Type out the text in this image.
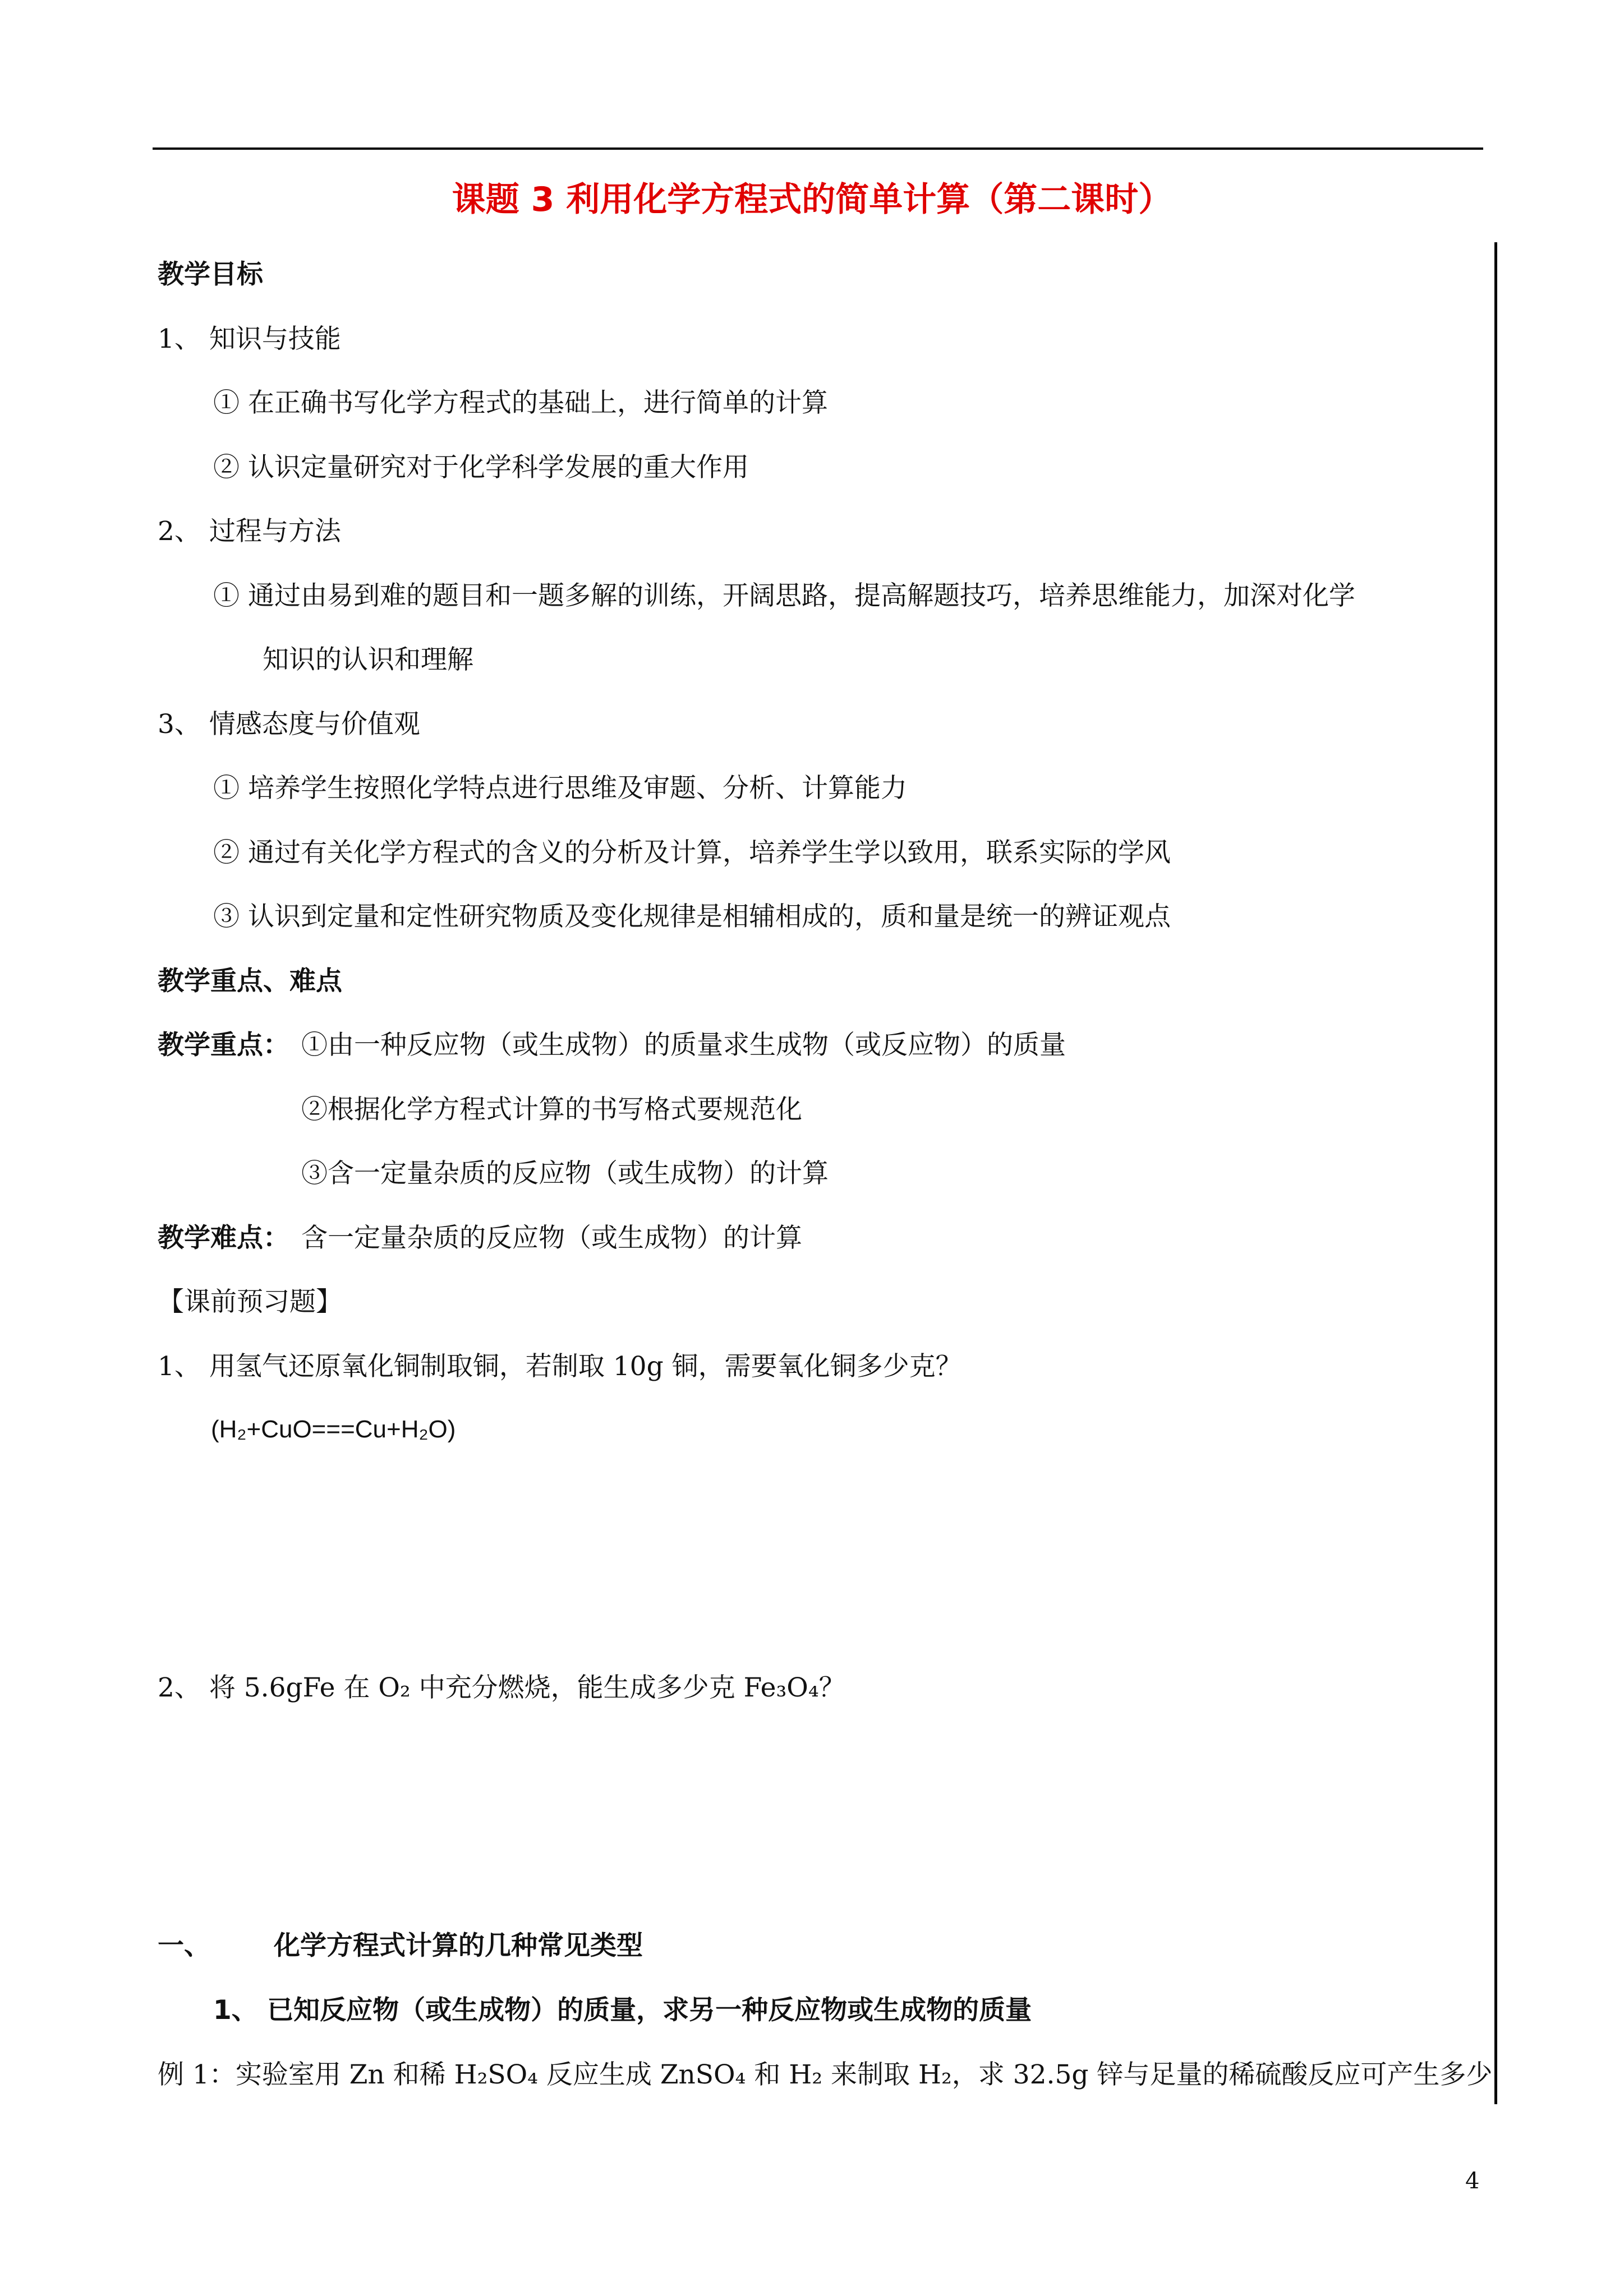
课题 3 利用化学方程式的简单计算（第二课时）
教学目标
1、 知识与技能
① 在正确书写化学方程式的基础上，进行简单的计算
② 认识定量研究对于化学科学发展的重大作用
2、 过程与方法
① 通过由易到难的题目和一题多解的训练，开阔思路，提高解题技巧，培养思维能力，加深对化学
知识的认识和理解
3、 情感态度与价值观
① 培养学生按照化学特点进行思维及审题、分析、计算能力
② 通过有关化学方程式的含义的分析及计算，培养学生学以致用，联系实际的学风
③ 认识到定量和定性研究物质及变化规律是相辅相成的，质和量是统一的辨证观点
教学重点、难点
教学重点： ①由一种反应物（或生成物）的质量求生成物（或反应物）的质量
②根据化学方程式计算的书写格式要规范化
③含一定量杂质的反应物（或生成物）的计算
教学难点： 含一定量杂质的反应物（或生成物）的计算
【课前预习题】
1、 用氢气还原氧化铜制取铜，若制取 10g 铜，需要氧化铜多少克？
(H₂+CuO===Cu+H₂O)
2、 将 5.6gFe 在 O₂ 中充分燃烧，能生成多少克 Fe₃O₄？
一、 化学方程式计算的几种常见类型
1、 已知反应物（或生成物）的质量，求另一种反应物或生成物的质量
例 1：实验室用 Zn 和稀 H₂SO₄ 反应生成 ZnSO₄ 和 H₂ 来制取 H₂，求 32.5g 锌与足量的稀硫酸反应可产生多少
4
